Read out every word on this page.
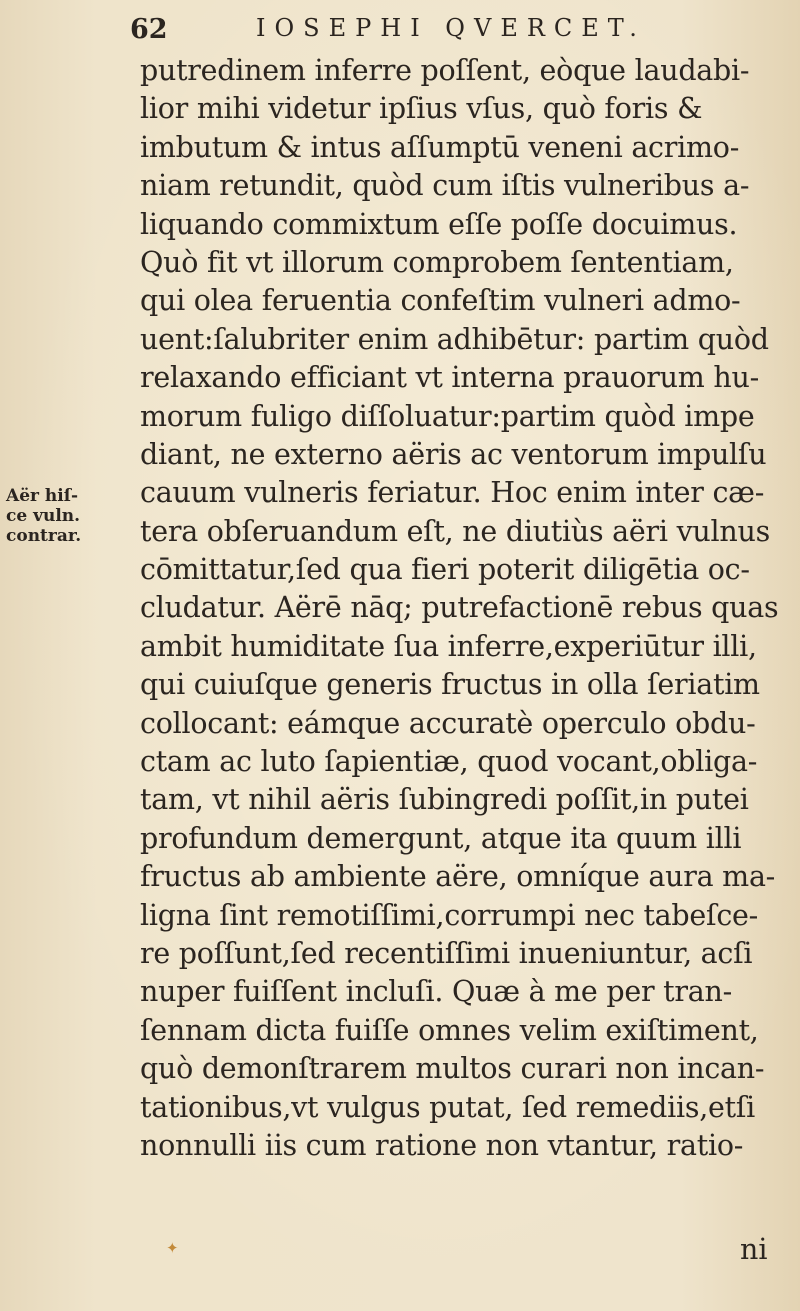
62	IOSEPHI QVERCET.
Aër hiſ-
ce vuln.
contrar.
putredinem inferre poſſent, eòque laudabi-
lior mihi videtur ipſius vſus, quò foris &
imbutum & intus aſſumptū veneni acrimo-
niam retundit, quòd cum iſtis vulneribus a-
liquando commixtum eſſe poſſe docuimus.
Quò fit vt illorum comprobem ſententiam,
qui olea feruentia confeſtim vulneri admo-
uent:ſalubriter enim adhibētur: partim quòd
relaxando efficiant vt interna prauorum hu-
morum fuligo diſſoluatur:partim quòd impe
diant, ne externo aëris ac ventorum impulſu
cauum vulneris feriatur. Hoc enim inter cæ-
tera obſeruandum eſt, ne diutiùs aëri vulnus
cōmittatur,ſed qua fieri poterit diligētia oc-
cludatur. Aërē nāq; putrefactionē rebus quas
ambit humiditate ſua inferre,experiūtur illi,
qui cuiuſque generis fructus in olla ſeriatim
collocant: eámque accuratè operculo obdu-
ctam ac luto ſapientiæ, quod vocant,obliga-
tam, vt nihil aëris ſubingredi poſſit,in putei
profundum demergunt, atque ita quum illi
fructus ab ambiente aëre, omníque aura ma-
ligna ſint remotiſſimi,corrumpi nec tabeſce-
re poſſunt,ſed recentiſſimi inueniuntur, acſi
nuper fuiſſent incluſi. Quæ à me per tran-
ſennam dicta fuiſſe omnes velim exiſtiment,
quò demonſtrarem multos curari non incan-
tationibus,vt vulgus putat, ſed remediis,etſi
nonnulli iis cum ratione non vtantur, ratio-
✦	ni
